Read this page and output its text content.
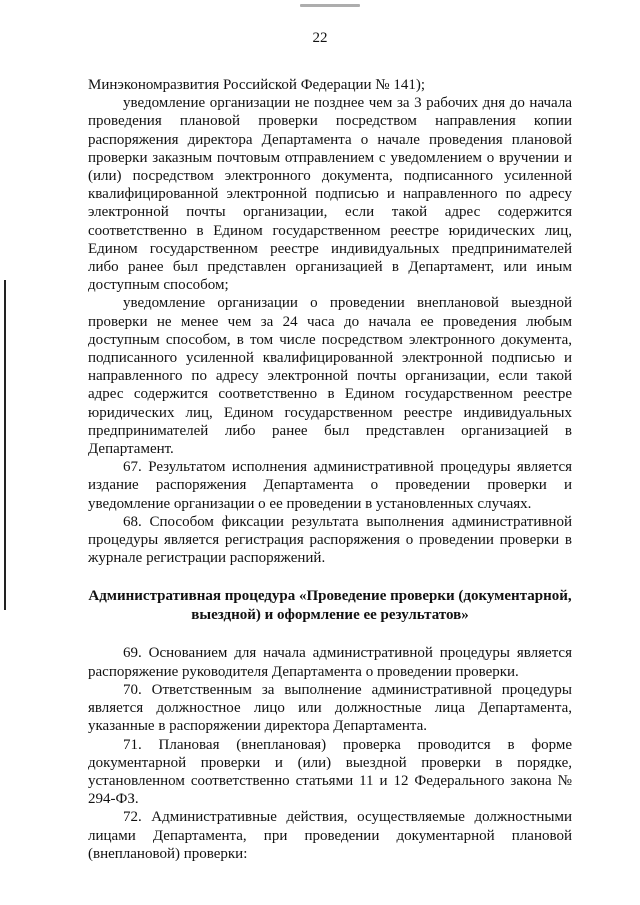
22

Минэкономразвития Российской Федерации № 141);

уведомление организации не позднее чем за 3 рабочих дня до начала проведения плановой проверки посредством направления копии распоряжения директора Департамента о начале проведения плановой проверки заказным почтовым отправлением с уведомлением о вручении и (или) посредством электронного документа, подписанного усиленной квалифицированной электронной подписью и направленного по адресу электронной почты организации, если такой адрес содержится соответственно в Едином государственном реестре юридических лиц, Едином государственном реестре индивидуальных предпринимателей либо ранее был представлен организацией в Департамент, или иным доступным способом;

уведомление организации о проведении внеплановой выездной проверки не менее чем за 24 часа до начала ее проведения любым доступным способом, в том числе посредством электронного документа, подписанного усиленной квалифицированной электронной подписью и направленного по адресу электронной почты организации, если такой адрес содержится соответственно в Едином государственном реестре юридических лиц, Едином государственном реестре индивидуальных предпринимателей либо ранее был представлен организацией в Департамент.

67. Результатом исполнения административной процедуры является издание распоряжения Департамента о проведении проверки и уведомление организации о ее проведении в установленных случаях.

68. Способом фиксации результата выполнения административной процедуры является регистрация распоряжения о проведении проверки в журнале регистрации распоряжений.

Административная процедура «Проведение проверки (документарной, выездной) и оформление ее результатов»

69. Основанием для начала административной процедуры является распоряжение руководителя Департамента о проведении проверки.

70. Ответственным за выполнение административной процедуры является должностное лицо или должностные лица Департамента, указанные в распоряжении директора Департамента.

71. Плановая (внеплановая) проверка проводится в форме документарной проверки и (или) выездной проверки в порядке, установленном соответственно статьями 11 и 12 Федерального закона № 294-ФЗ.

72. Административные действия, осуществляемые должностными лицами Департамента, при проведении документарной плановой (внеплановой) проверки:
